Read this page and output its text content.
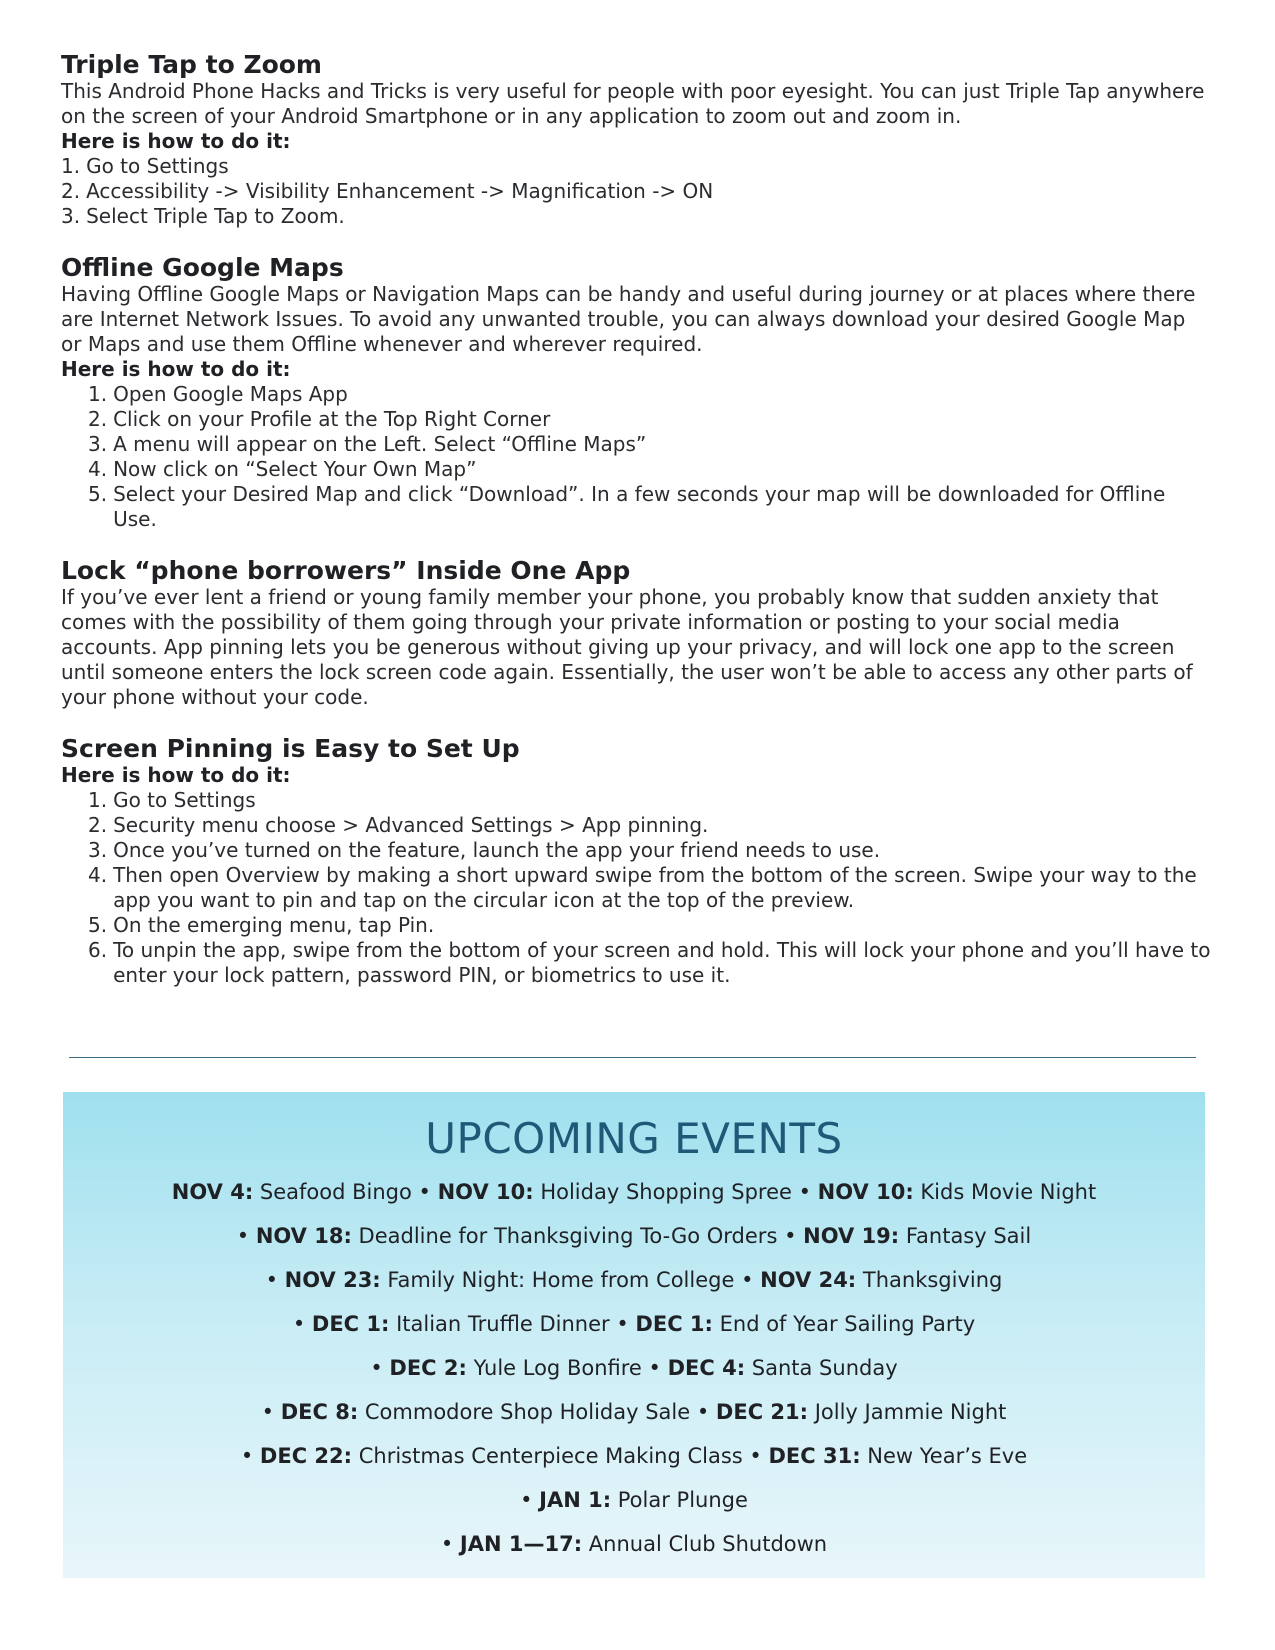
Triple Tap to Zoom

This Android Phone Hacks and Tricks is very useful for people with poor eyesight. You can just Triple Tap anywhere on the screen of your Android Smartphone or in any application to zoom out and zoom in.

Here is how to do it:

1. Go to Settings
2. Accessibility -> Visibility Enhancement -> Magnification -> ON
3. Select Triple Tap to Zoom.
Offline Google Maps

Having Offline Google Maps or Navigation Maps can be handy and useful during journey or at places where there are Internet Network Issues. To avoid any unwanted trouble, you can always download your desired Google Map or Maps and use them Offline whenever and wherever required.

Here is how to do it:

1. Open Google Maps App
2. Click on your Profile at the Top Right Corner
3. A menu will appear on the Left. Select “Offline Maps”
4. Now click on “Select Your Own Map”
5. Select your Desired Map and click “Download”. In a few seconds your map will be downloaded for Offline Use.
Lock “phone borrowers” Inside One App

If you’ve ever lent a friend or young family member your phone, you probably know that sudden anxiety that comes with the possibility of them going through your private information or posting to your social media accounts. App pinning lets you be generous without giving up your privacy, and will lock one app to the screen until someone enters the lock screen code again. Essentially, the user won’t be able to access any other parts of your phone without your code.

Screen Pinning is Easy to Set Up

Here is how to do it:

1. Go to Settings
2. Security menu choose > Advanced Settings > App pinning.
3. Once you’ve turned on the feature, launch the app your friend needs to use.
4. Then open Overview by making a short upward swipe from the bottom of the screen. Swipe your way to the app you want to pin and tap on the circular icon at the top of the preview.
5. On the emerging menu, tap Pin.
6. To unpin the app, swipe from the bottom of your screen and hold. This will lock your phone and you’ll have to enter your lock pattern, password PIN, or biometrics to use it.
UPCOMING EVENTS
NOV 4: Seafood Bingo • NOV 10: Holiday Shopping Spree • NOV 10: Kids Movie Night
• NOV 18: Deadline for Thanksgiving To-Go Orders • NOV 19: Fantasy Sail
• NOV 23: Family Night: Home from College • NOV 24: Thanksgiving
• DEC 1: Italian Truffle Dinner • DEC 1: End of Year Sailing Party
• DEC 2: Yule Log Bonfire • DEC 4: Santa Sunday
• DEC 8: Commodore Shop Holiday Sale • DEC 21: Jolly Jammie Night
• DEC 22: Christmas Centerpiece Making Class • DEC 31: New Year’s Eve
• JAN 1: Polar Plunge
• JAN 1—17: Annual Club Shutdown
